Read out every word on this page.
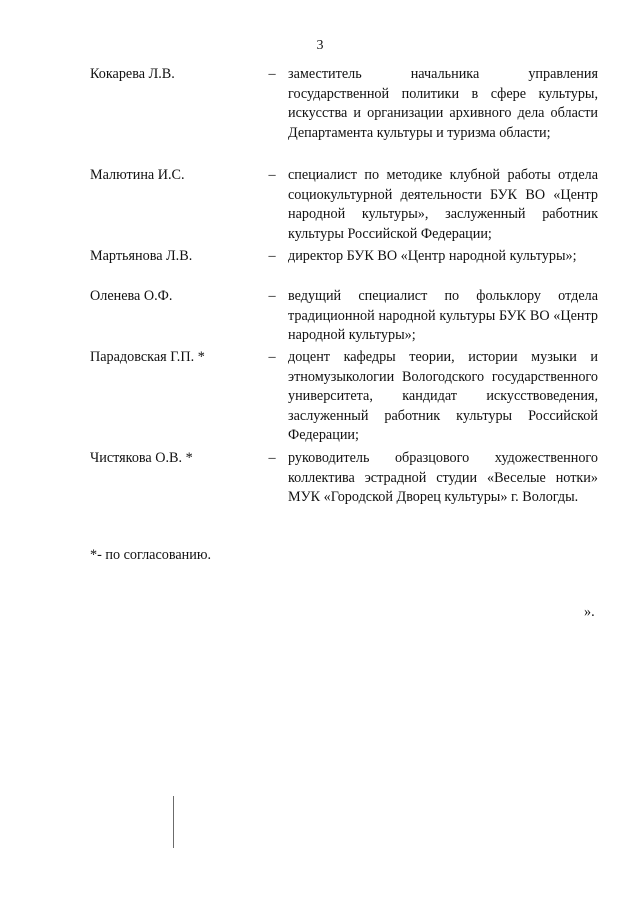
3
Кокарева Л.В.	– заместитель начальника управления государственной политики в сфере культуры, искусства и организации архивного дела области Департамента культуры и туризма области;
Малютина И.С.	– специалист по методике клубной работы отдела социокультурной деятельности БУК ВО «Центр народной культуры», заслуженный работник культуры Российской Федерации;
Мартьянова Л.В.	– директор БУК ВО «Центр народной культуры»;
Оленева О.Ф.	– ведущий специалист по фольклору отдела традиционной народной культуры БУК ВО «Центр народной культуры»;
Парадовская Г.П. *	– доцент кафедры теории, истории музыки и этномузыкологии Вологодского государственного университета, кандидат искусствоведения, заслуженный работник культуры Российской Федерации;
Чистякова О.В. *	– руководитель образцового художественного коллектива эстрадной студии «Веселые нотки» МУК «Городской Дворец культуры» г. Вологды.
*- по согласованию.
».
